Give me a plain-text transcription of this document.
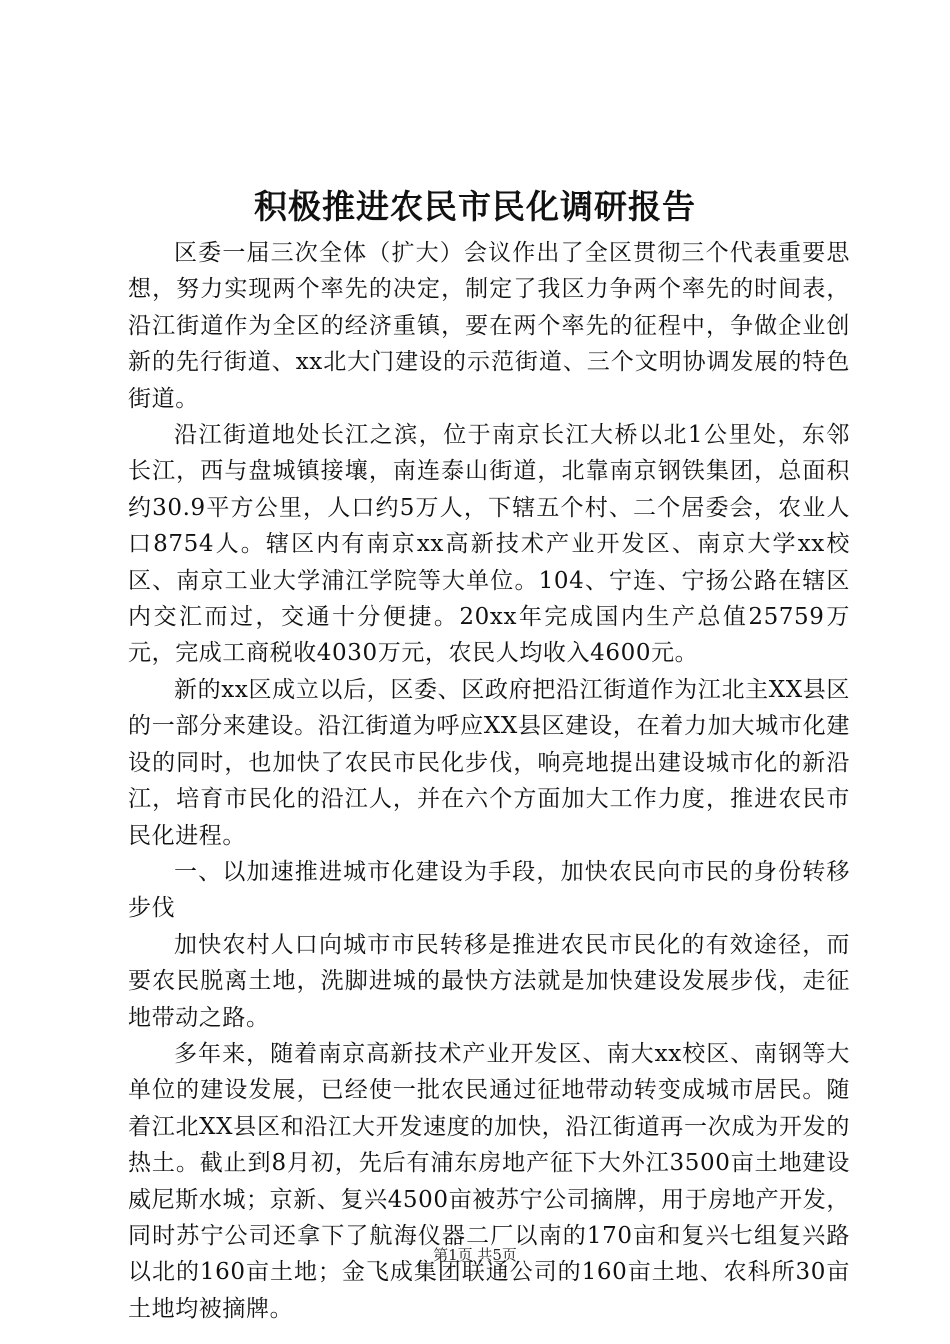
积极推进农民市民化调研报告

区委一届三次全体（扩大）会议作出了全区贯彻三个代表重要思想，努力实现两个率先的决定，制定了我区力争两个率先的时间表，沿江街道作为全区的经济重镇，要在两个率先的征程中，争做企业创新的先行街道、xx北大门建设的示范街道、三个文明协调发展的特色街道。

沿江街道地处长江之滨，位于南京长江大桥以北1公里处，东邻长江，西与盘城镇接壤，南连泰山街道，北靠南京钢铁集团，总面积约30.9平方公里，人口约5万人，下辖五个村、二个居委会，农业人口8754人。辖区内有南京xx高新技术产业开发区、南京大学xx校区、南京工业大学浦江学院等大单位。104、宁连、宁扬公路在辖区内交汇而过，交通十分便捷。20xx年完成国内生产总值25759万元，完成工商税收4030万元，农民人均收入4600元。

新的xx区成立以后，区委、区政府把沿江街道作为江北主XX县区的一部分来建设。沿江街道为呼应XX县区建设，在着力加大城市化建设的同时，也加快了农民市民化步伐，响亮地提出建设城市化的新沿江，培育市民化的沿江人，并在六个方面加大工作力度，推进农民市民化进程。

一、以加速推进城市化建设为手段，加快农民向市民的身份转移步伐

加快农村人口向城市市民转移是推进农民市民化的有效途径，而要农民脱离土地，洗脚进城的最快方法就是加快建设发展步伐，走征地带动之路。

多年来，随着南京高新技术产业开发区、南大xx校区、南钢等大单位的建设发展，已经使一批农民通过征地带动转变成城市居民。随着江北XX县区和沿江大开发速度的加快，沿江街道再一次成为开发的热土。截止到8月初，先后有浦东房地产征下大外江3500亩土地建设威尼斯水城；京新、复兴4500亩被苏宁公司摘牌，用于房地产开发，同时苏宁公司还拿下了航海仪器二厂以南的170亩和复兴七组复兴路以北的160亩土地；金飞成集团联通公司的160亩土地、农科所30亩土地均被摘牌。

第1页 共5页
